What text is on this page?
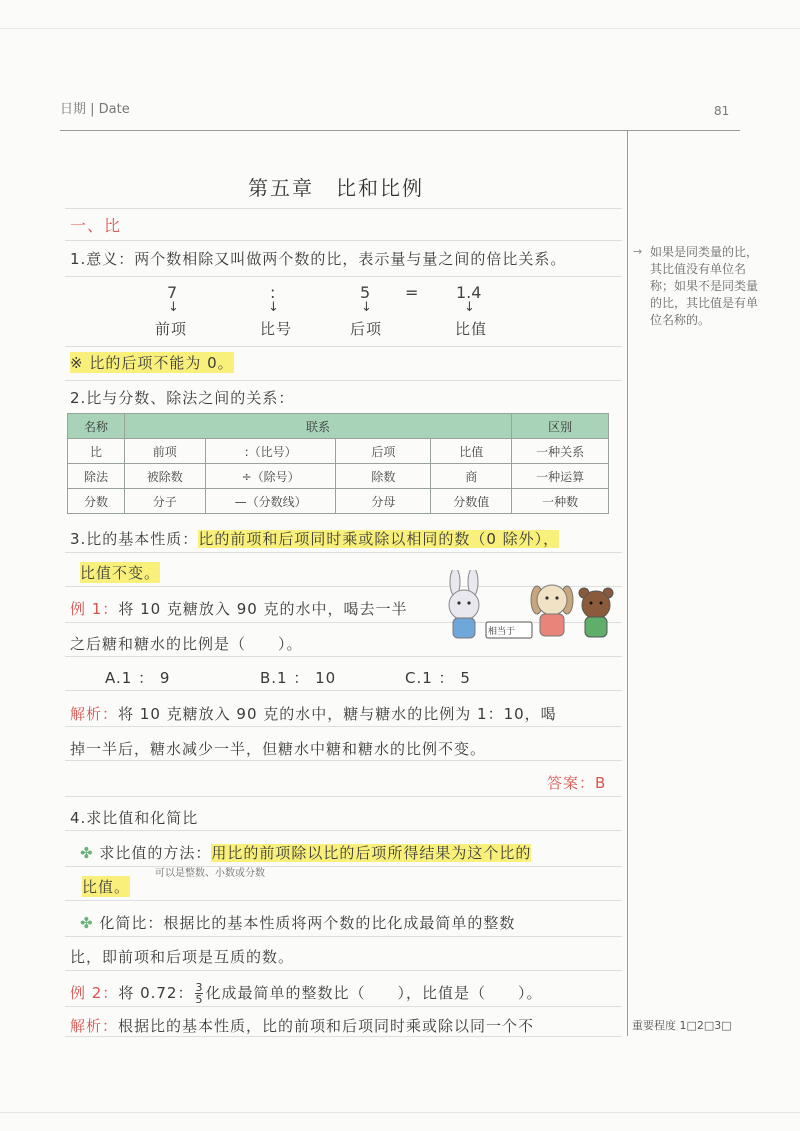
日期 | Date	81
第五章　比和比例
一、比
1.意义：两个数相除又叫做两个数的比，表示量与量之间的倍比关系。
7	:	5 = 1.4
↓	↓	↓	↓
前项	比号	后项	比值
※ 比的后项不能为 0。
2.比与分数、除法之间的关系：
名称	联系				区别
比	前项	:（比号）	后项	比值	一种关系
除法	被除数	÷（除号）	除数	商	一种运算
分数	分子	—（分数线）	分母	分数值	一种数
3.比的基本性质：比的前项和后项同时乘或除以相同的数（0 除外），
比值不变。
例 1：将 10 克糖放入 90 克的水中，喝去一半
之后糖和糖水的比例是（　　）。
A.1 ： 9	B.1 ： 10	C.1 ： 5
相当于
解析：将 10 克糖放入 90 克的水中，糖与糖水的比例为 1：10，喝
掉一半后，糖水减少一半，但糖水中糖和糖水的比例不变。
答案：B
4.求比值和化简比
✤ 求比值的方法：用比的前项除以比的后项所得结果为这个比的
比值。
可以是整数、小数或分数
✤ 化简比：根据比的基本性质将两个数的比化成最简单的整数
比，即前项和后项是互质的数。
例 2：将 0.72： $\frac{3}{5}$ 化成最简单的整数比（　　），比值是（　　）。
解析：根据比的基本性质，比的前项和后项同时乘或除以同一个不
→ 如果是同类量的比，其比值没有单位名称；如果不是同类量的比，其比值是有单位名称的。
重要程度 1□2□3□
